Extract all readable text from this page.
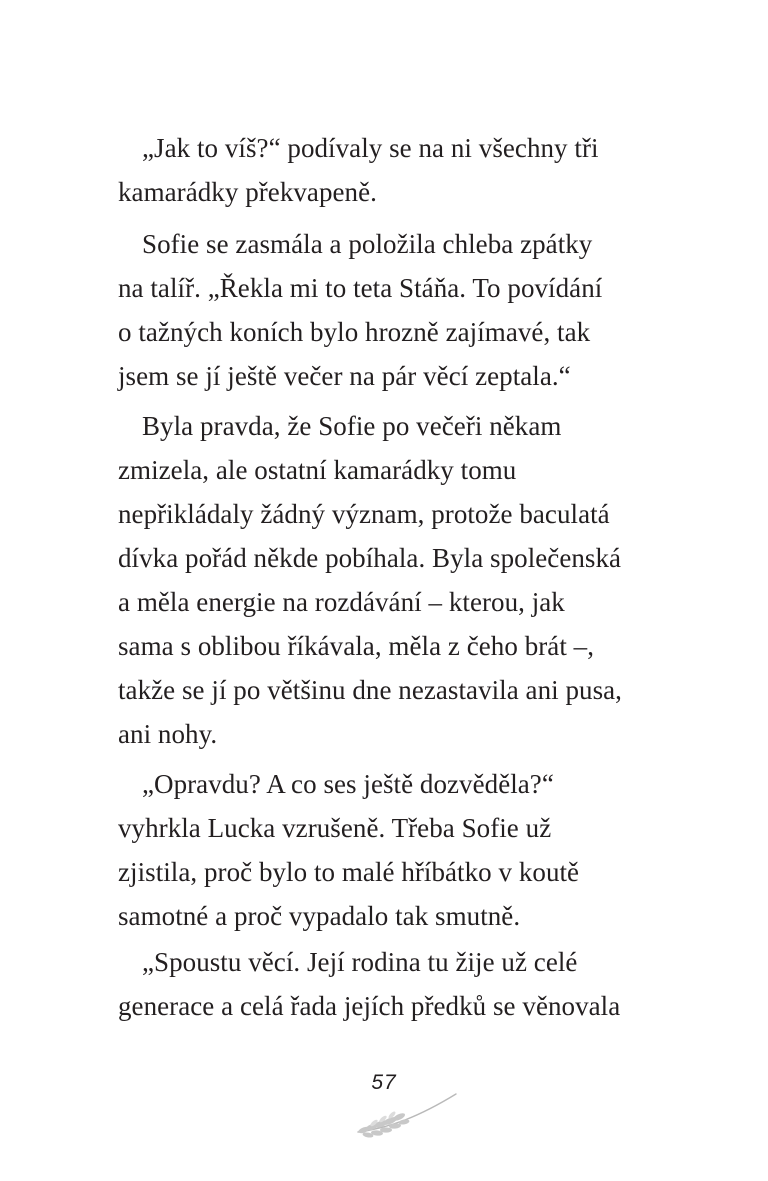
„Jak to víš?“ podívaly se na ni všechny tři
kamarádky překvapeně.
Sofie se zasmála a položila chleba zpátky
na talíř. „Řekla mi to teta Stáňa. To povídání
o tažných koních bylo hrozně zajímavé, tak
jsem se jí ještě večer na pár věcí zeptala.“
Byla pravda, že Sofie po večeři někam
zmizela, ale ostatní kamarádky tomu
nepřikládaly žádný význam, protože baculatá
dívka pořád někde pobíhala. Byla společenská
a měla energie na rozdávání – kterou, jak
sama s oblibou říkávala, měla z čeho brát –,
takže se jí po většinu dne nezastavila ani pusa,
ani nohy.
„Opravdu? A co ses ještě dozvěděla?“
vyhrkla Lucka vzrušeně. Třeba Sofie už
zjistila, proč bylo to malé hříbátko v koutě
samotné a proč vypadalo tak smutně.
„Spoustu věcí. Její rodina tu žije už celé
generace a celá řada jejích předků se věnovala
57
